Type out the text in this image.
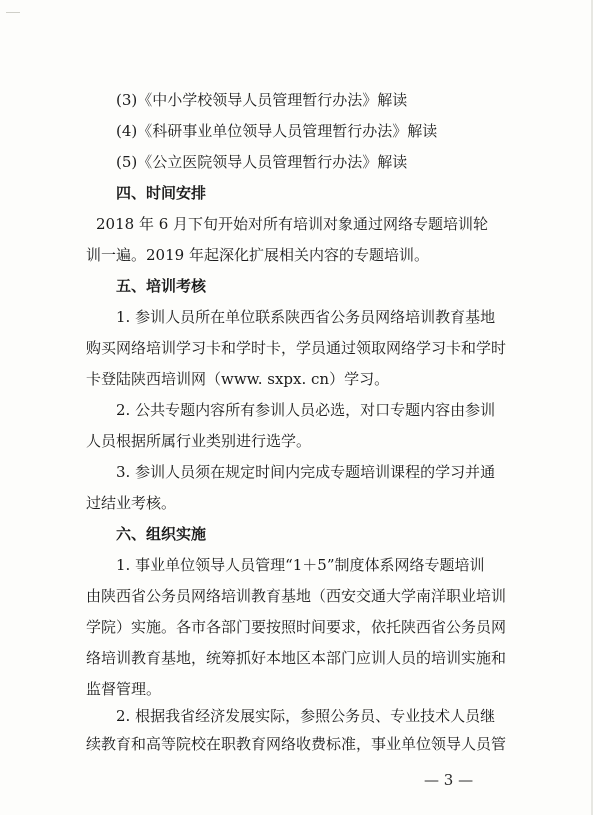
(3)《中小学校领导人员管理暂行办法》解读
(4)《科研事业单位领导人员管理暂行办法》解读
(5)《公立医院领导人员管理暂行办法》解读
四、时间安排
2018 年 6 月下旬开始对所有培训对象通过网络专题培训轮
训一遍。2019 年起深化扩展相关内容的专题培训。
五、培训考核
1. 参训人员所在单位联系陕西省公务员网络培训教育基地
购买网络培训学习卡和学时卡，学员通过领取网络学习卡和学时
卡登陆陕西培训网（www. sxpx. cn）学习。
2. 公共专题内容所有参训人员必选，对口专题内容由参训
人员根据所属行业类别进行选学。
3. 参训人员须在规定时间内完成专题培训课程的学习并通
过结业考核。
六、组织实施
1. 事业单位领导人员管理“1＋5”制度体系网络专题培训
由陕西省公务员网络培训教育基地（西安交通大学南洋职业培训
学院）实施。各市各部门要按照时间要求，依托陕西省公务员网
络培训教育基地，统筹抓好本地区本部门应训人员的培训实施和
监督管理。
2. 根据我省经济发展实际，参照公务员、专业技术人员继
续教育和高等院校在职教育网络收费标准，事业单位领导人员管
— 3 —
